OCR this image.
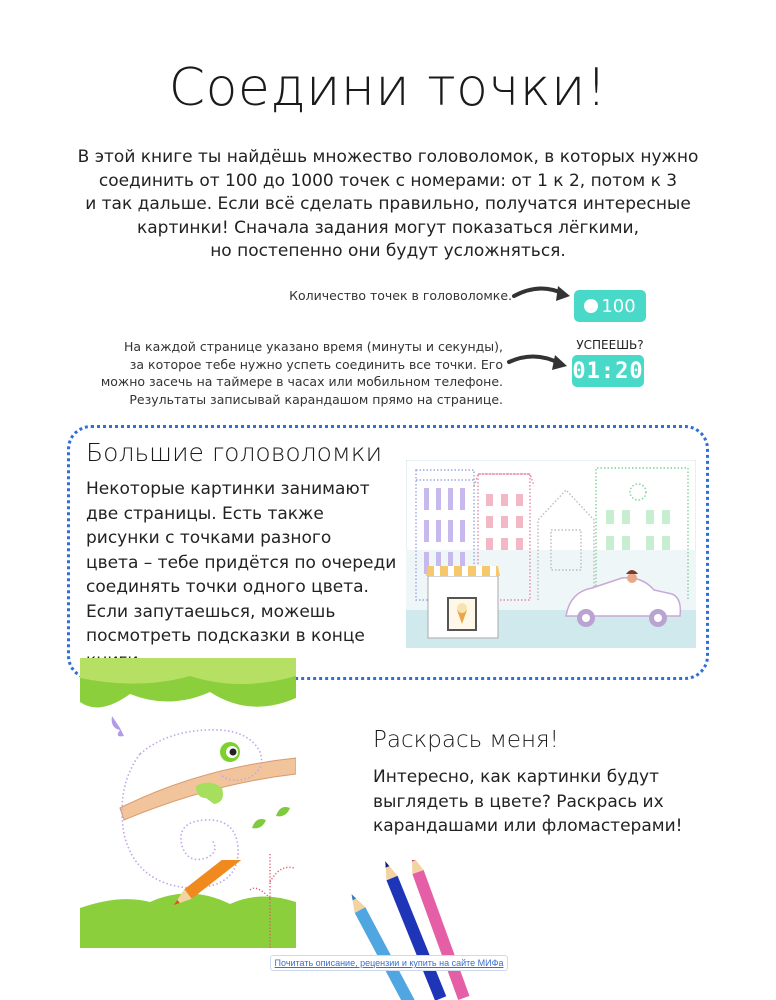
Соедини точки!
В этой книге ты найдёшь множество головоломок, в которых нужно
соединить от 100 до 1000 точек с номерами: от 1 к 2, потом к 3
и так дальше. Если всё сделать правильно, получатся интересные
картинки! Сначала задания могут показаться лёгкими,
но постепенно они будут усложняться.
Количество точек в головоломке.	100
На каждой странице указано время (минуты и секунды),
за которое тебе нужно успеть соединить все точки. Его
можно засечь на таймере в часах или мобильном телефоне.
Результаты записывай карандашом прямо на странице.
УСПЕЕШЬ?
01:20
Большие головоломки
Некоторые картинки занимают
две страницы. Есть также
рисунки с точками разного
цвета – тебе придётся по очереди
соединять точки одного цвета.
Если запутаешься, можешь
посмотреть подсказки в конце
Раскрась меня!
Интересно, как картинки будут
выглядеть в цвете? Раскрась их
карандашами или фломастерами!
Почитать описание, рецензии и купить на сайте МИФа
